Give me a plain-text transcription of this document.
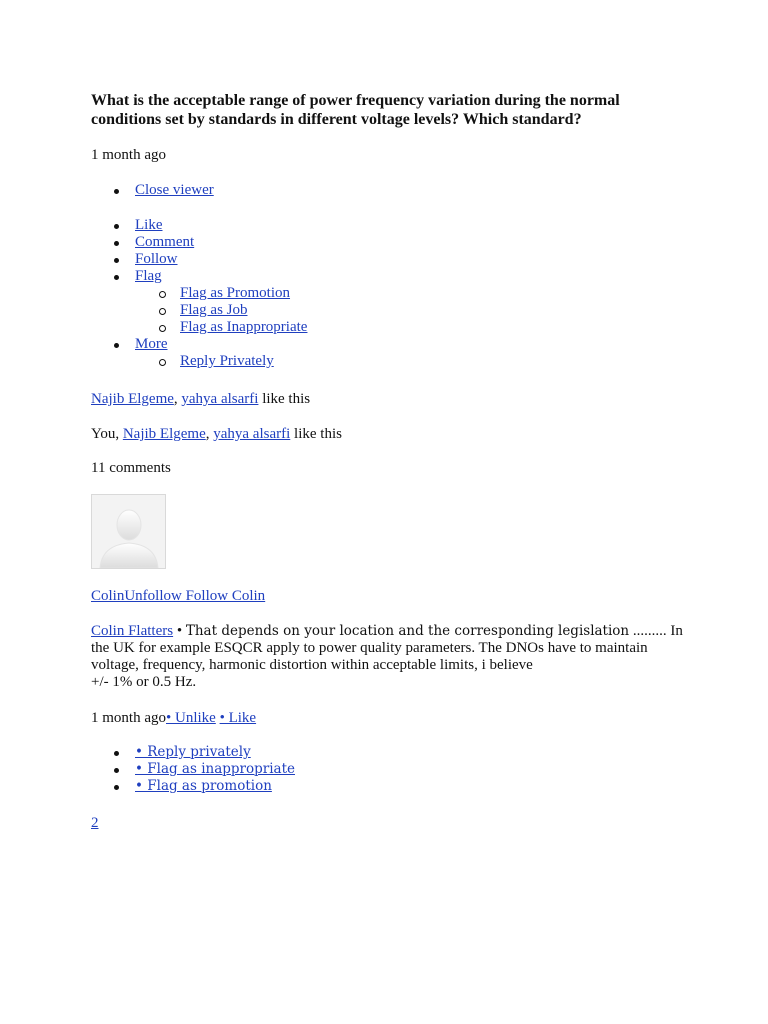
What is the acceptable range of power frequency variation during the normal conditions set by standards in different voltage levels? Which standard?
1 month ago
Close viewer
Like
Comment
Follow
Flag
Flag as Promotion
Flag as Job
Flag as Inappropriate
More
Reply Privately
Najib Elgeme, yahya alsarfi like this
You, Najib Elgeme, yahya alsarfi like this
11 comments
ColinUnfollow Follow Colin
Colin Flatters • That depends on your location and the corresponding legislation ......... In the UK for example ESQCR apply to power quality parameters. The DNOs have to maintain voltage, frequency, harmonic distortion within acceptable limits, i believe
+/- 1% or 0.5 Hz.
1 month ago• Unlike • Like
• Reply privately
• Flag as inappropriate
• Flag as promotion
2
